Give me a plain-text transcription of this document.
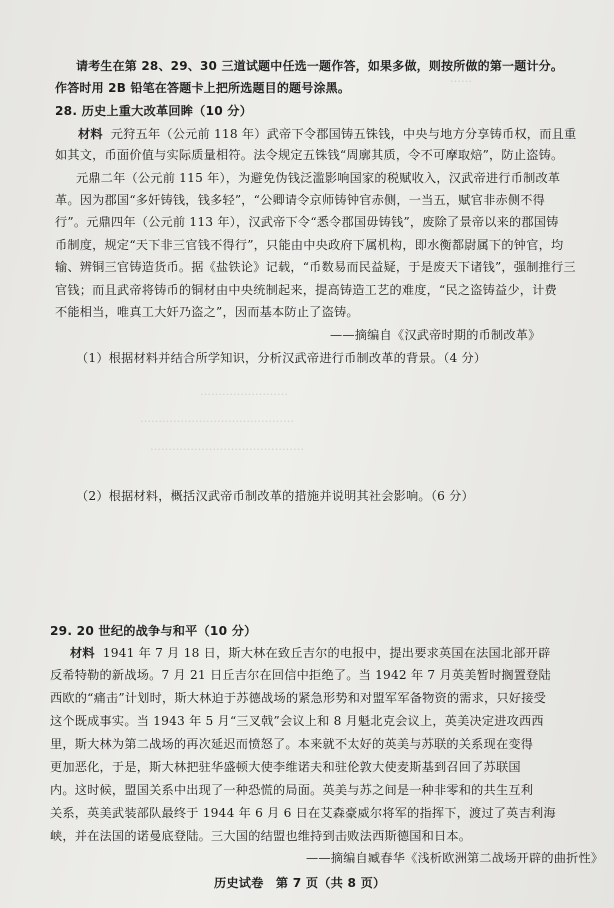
……
……………………
……………………………………
……………………………………
请考生在第 28、29、30 三道试题中任选一题作答，如果多做，则按所做的第一题计分。
作答时用 2B 铅笔在答题卡上把所选题目的题号涂黑。
28. 历史上重大改革回眸（10 分）
材料 元狩五年（公元前 118 年）武帝下令郡国铸五铢钱，中央与地方分享铸币权，而且重
如其文，币面价值与实际质量相符。法令规定五铢钱“周廓其质，令不可摩取焙”，防止盗铸。
元鼎二年（公元前 115 年），为避免伪钱泛滥影响国家的税赋收入，汉武帝进行币制改革
革。因为郡国“多奸铸钱，钱多轻”，“公卿请令京师铸钟官赤侧，一当五，赋官非赤侧不得
行”。元鼎四年（公元前 113 年），汉武帝下令“悉令郡国毋铸钱”，废除了景帝以来的郡国铸
币制度，规定“天下非三官钱不得行”，只能由中央政府下属机构，即水衡都尉属下的钟官，均
输、辨铜三官铸造货币。据《盐铁论》记载，“币数易而民益疑，于是废天下诸钱”，强制推行三
官钱；而且武帝将铸币的铜材由中央统制起来，提高铸造工艺的难度，“民之盗铸益少，计费
不能相当，唯真工大奸乃盗之”，因而基本防止了盗铸。
——摘编自《汉武帝时期的币制改革》
（1）根据材料并结合所学知识，分析汉武帝进行币制改革的背景。（4 分）
（2）根据材料，概括汉武帝币制改革的措施并说明其社会影响。（6 分）
29. 20 世纪的战争与和平（10 分）
材料 1941 年 7 月 18 日，斯大林在致丘吉尔的电报中，提出要求英国在法国北部开辟
反希特勒的新战场。7 月 21 日丘吉尔在回信中拒绝了。当 1942 年 7 月英美暂时搁置登陆
西欧的“痛击”计划时，斯大林迫于苏德战场的紧急形势和对盟军军备物资的需求，只好接受
这个既成事实。当 1943 年 5 月“三叉戟”会议上和 8 月魁北克会议上，英美决定进攻西西
里，斯大林为第二战场的再次延迟而愤怒了。本来就不太好的英美与苏联的关系现在变得
更加恶化，于是，斯大林把驻华盛顿大使李维诺夫和驻伦敦大使麦斯基到召回了苏联国
内。这时候，盟国关系中出现了一种恐慌的局面。英美与苏之间是一种非零和的共生互利
关系，英美武装部队最终于 1944 年 6 月 6 日在艾森豪威尔将军的指挥下，渡过了英吉利海
峡，并在法国的诺曼底登陆。三大国的结盟也维持到击败法西斯德国和日本。
——摘编自臧春华《浅析欧洲第二战场开辟的曲折性》
历史试卷　第 7 页（共 8 页）
